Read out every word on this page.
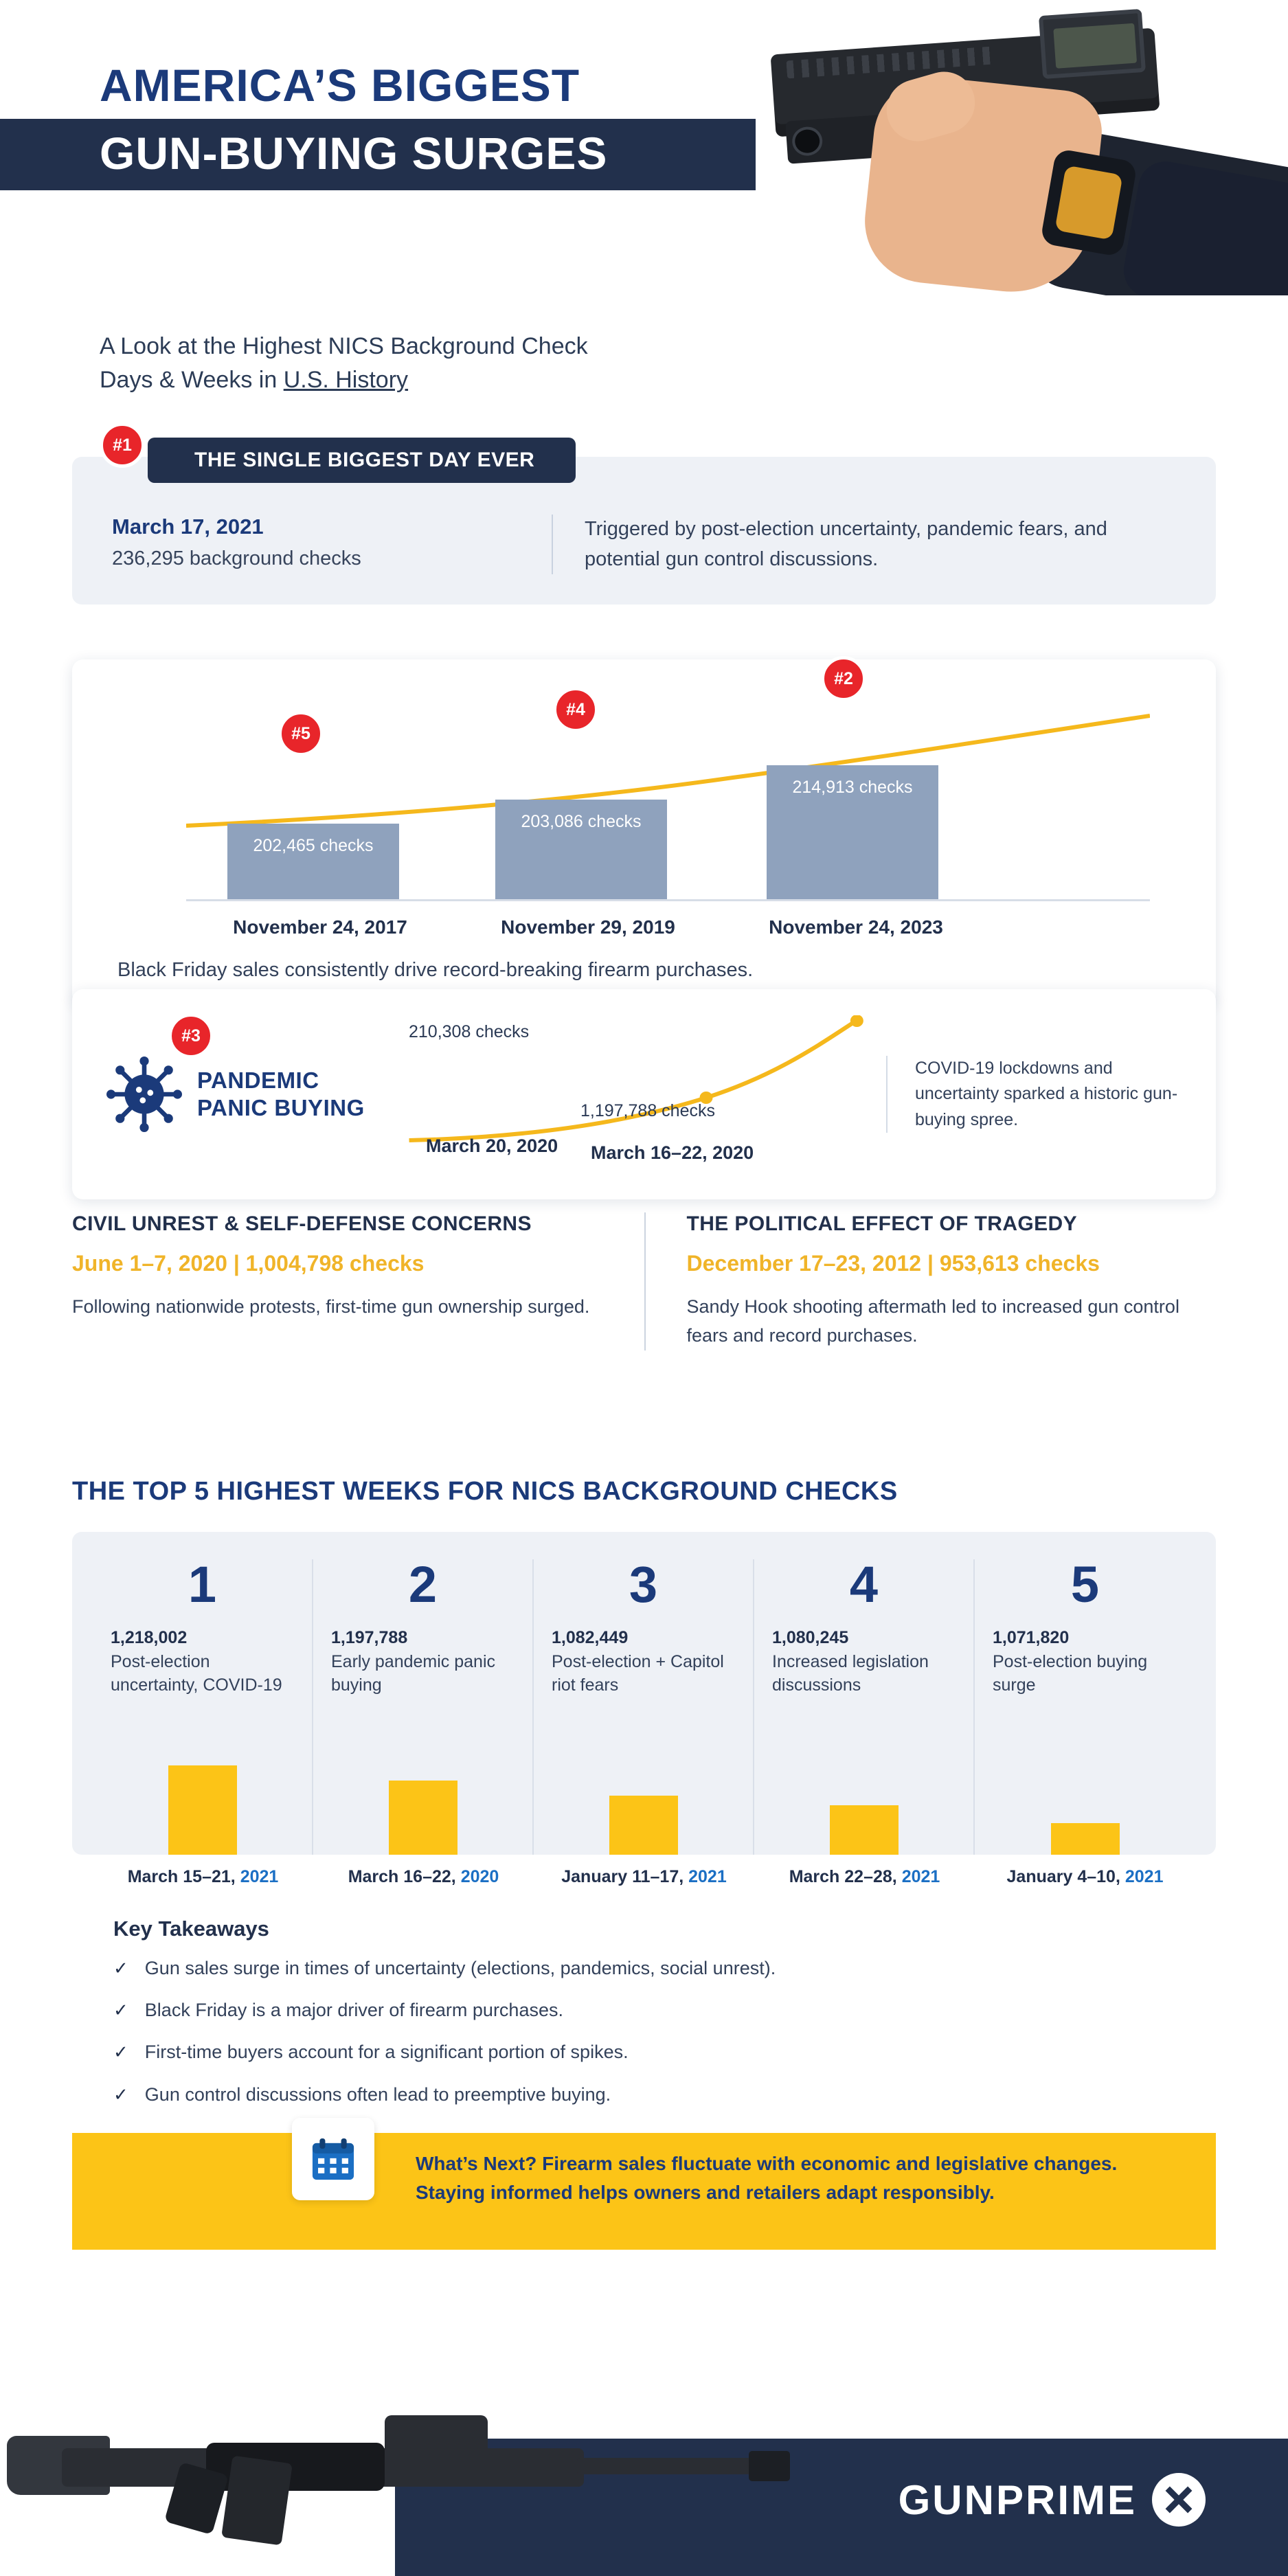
AMERICA’S BIGGEST
GUN-BUYING SURGES
A Look at the Highest NICS Background Check
Days & Weeks in U.S. History
#1
THE SINGLE BIGGEST DAY EVER
March 17, 2021
236,295 background checks
Triggered by post-election uncertainty, pandemic fears, and potential gun control discussions.
#5
#4
#2
202,465 checks
203,086 checks
214,913 checks
November 24, 2017	November 29, 2019	November 24, 2023
Black Friday sales consistently drive record-breaking firearm purchases.
#3
PANDEMIC
PANIC BUYING
210,308 checks
1,197,788 checks
March 20, 2020 March 16–22, 2020
COVID-19 lockdowns and uncertainty sparked a historic gun-buying spree.
CIVIL UNREST & SELF-DEFENSE CONCERNS
June 1–7, 2020 | 1,004,798 checks
Following nationwide protests, first-time gun ownership surged.
THE POLITICAL EFFECT OF TRAGEDY
December 17–23, 2012 | 953,613 checks
Sandy Hook shooting aftermath led to increased gun control fears and record purchases.
THE TOP 5 HIGHEST WEEKS FOR NICS BACKGROUND CHECKS
1
1,218,002
Post-election uncertainty, COVID-19
2
1,197,788
Early pandemic panic buying
3
1,082,449
Post-election + Capitol riot fears
4
1,080,245
Increased legislation discussions
5
1,071,820
Post-election buying surge
March 15–21, 2021	March 16–22, 2020	January 11–17, 2021	March 22–28, 2021	January 4–10, 2021
Key Takeaways
✓ Gun sales surge in times of uncertainty (elections, pandemics, social unrest).
✓ Black Friday is a major driver of firearm purchases.
✓ First-time buyers account for a significant portion of spikes.
✓ Gun control discussions often lead to preemptive buying.
What’s Next? Firearm sales fluctuate with economic and legislative changes. Staying informed helps owners and retailers adapt responsibly.
GUNPRIME
